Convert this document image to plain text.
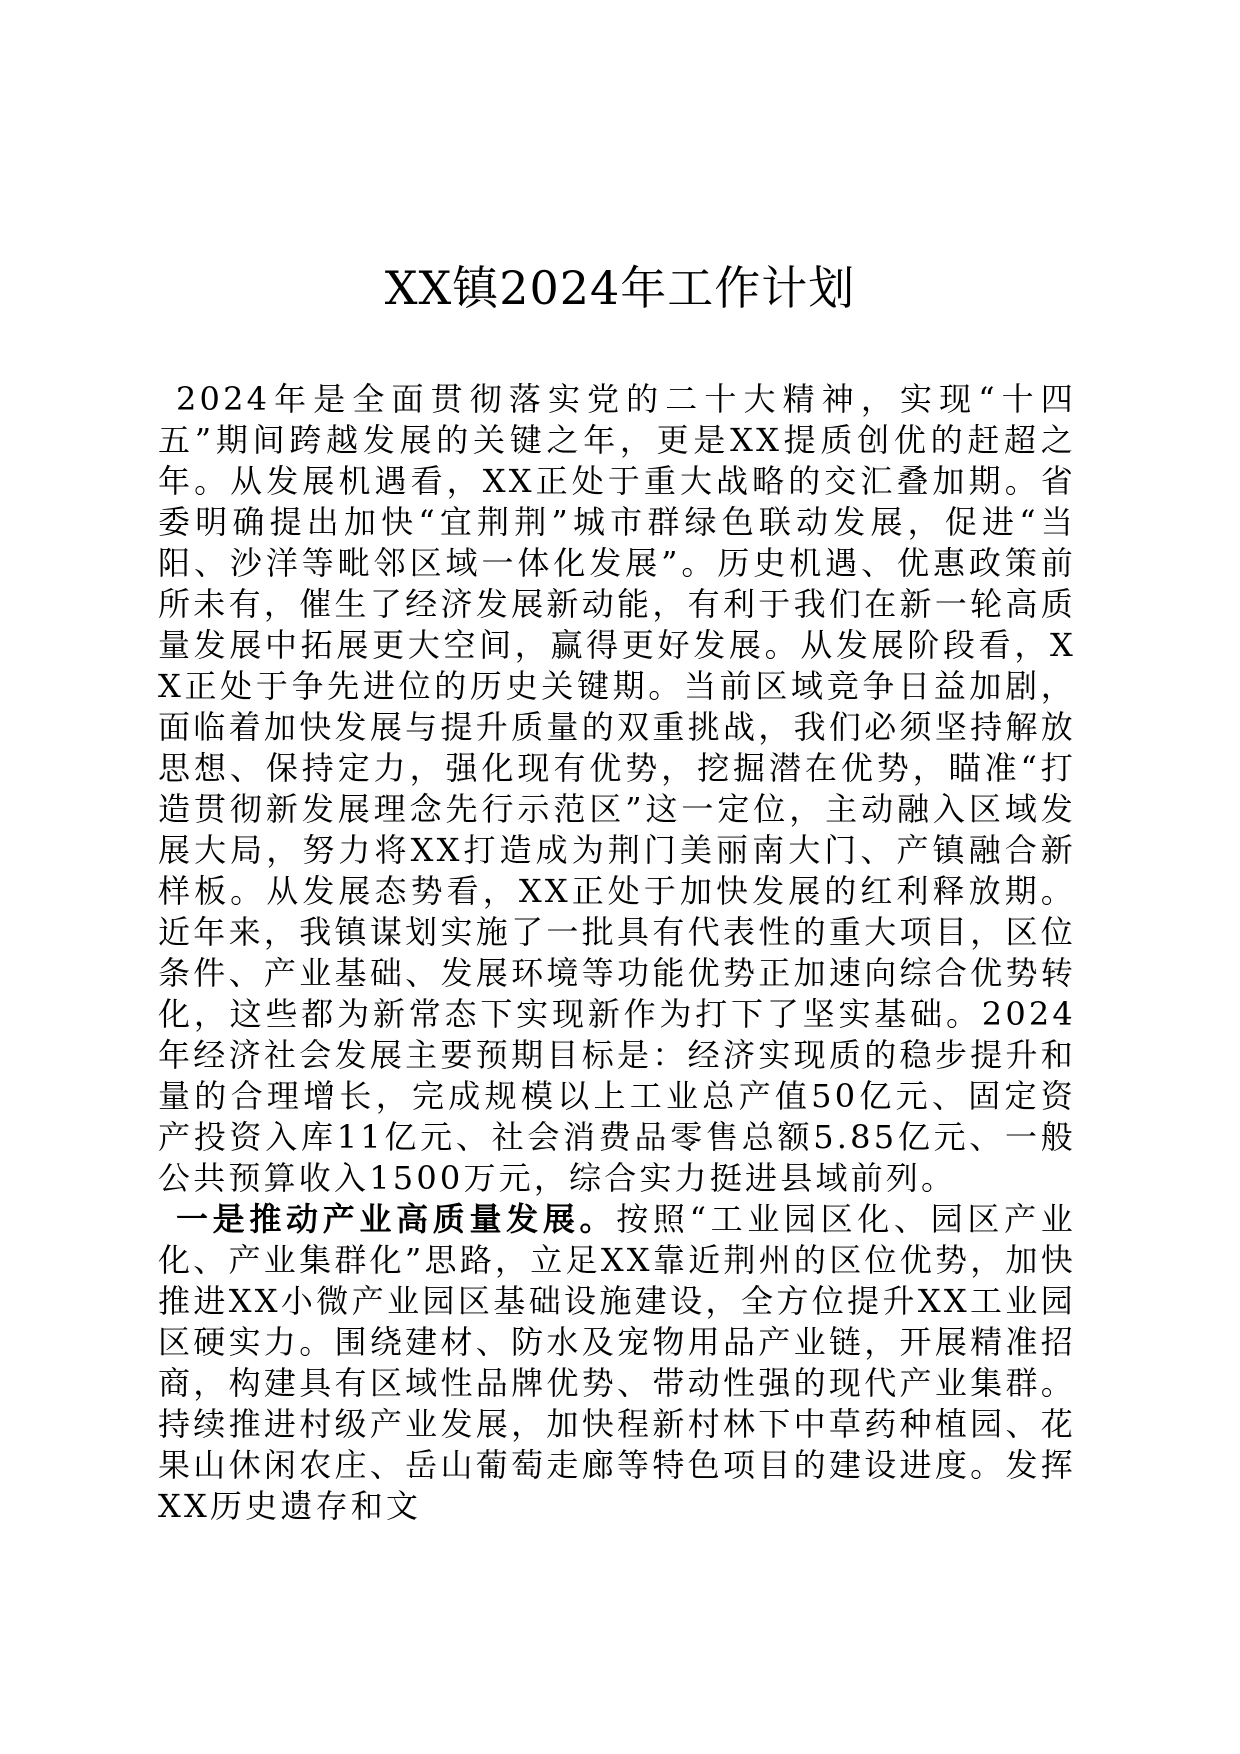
XX镇2024年工作计划

2024年是全面贯彻落实党的二十大精神，实现“十四五”期间跨越发展的关键之年，更是XX提质创优的赶超之年。从发展机遇看，XX正处于重大战略的交汇叠加期。省委明确提出加快“宜荆荆”城市群绿色联动发展，促进“当阳、沙洋等毗邻区域一体化发展”。历史机遇、优惠政策前所未有，催生了经济发展新动能，有利于我们在新一轮高质量发展中拓展更大空间，赢得更好发展。从发展阶段看，XX正处于争先进位的历史关键期。当前区域竞争日益加剧，面临着加快发展与提升质量的双重挑战，我们必须坚持解放思想、保持定力，强化现有优势，挖掘潜在优势，瞄准“打造贯彻新发展理念先行示范区”这一定位，主动融入区域发展大局，努力将XX打造成为荆门美丽南大门、产镇融合新样板。从发展态势看，XX正处于加快发展的红利释放期。近年来，我镇谋划实施了一批具有代表性的重大项目，区位条件、产业基础、发展环境等功能优势正加速向综合优势转化，这些都为新常态下实现新作为打下了坚实基础。2024年经济社会发展主要预期目标是：经济实现质的稳步提升和量的合理增长，完成规模以上工业总产值50亿元、固定资产投资入库11亿元、社会消费品零售总额5.85亿元、一般公共预算收入1500万元，综合实力挺进县域前列。

一是推动产业高质量发展。按照“工业园区化、园区产业化、产业集群化”思路，立足XX靠近荆州的区位优势，加快推进XX小微产业园区基础设施建设，全方位提升XX工业园区硬实力。围绕建材、防水及宠物用品产业链，开展精准招商，构建具有区域性品牌优势、带动性强的现代产业集群。持续推进村级产业发展，加快程新村林下中草药种植园、花果山休闲农庄、岳山葡萄走廊等特色项目的建设进度。发挥XX历史遗存和文
